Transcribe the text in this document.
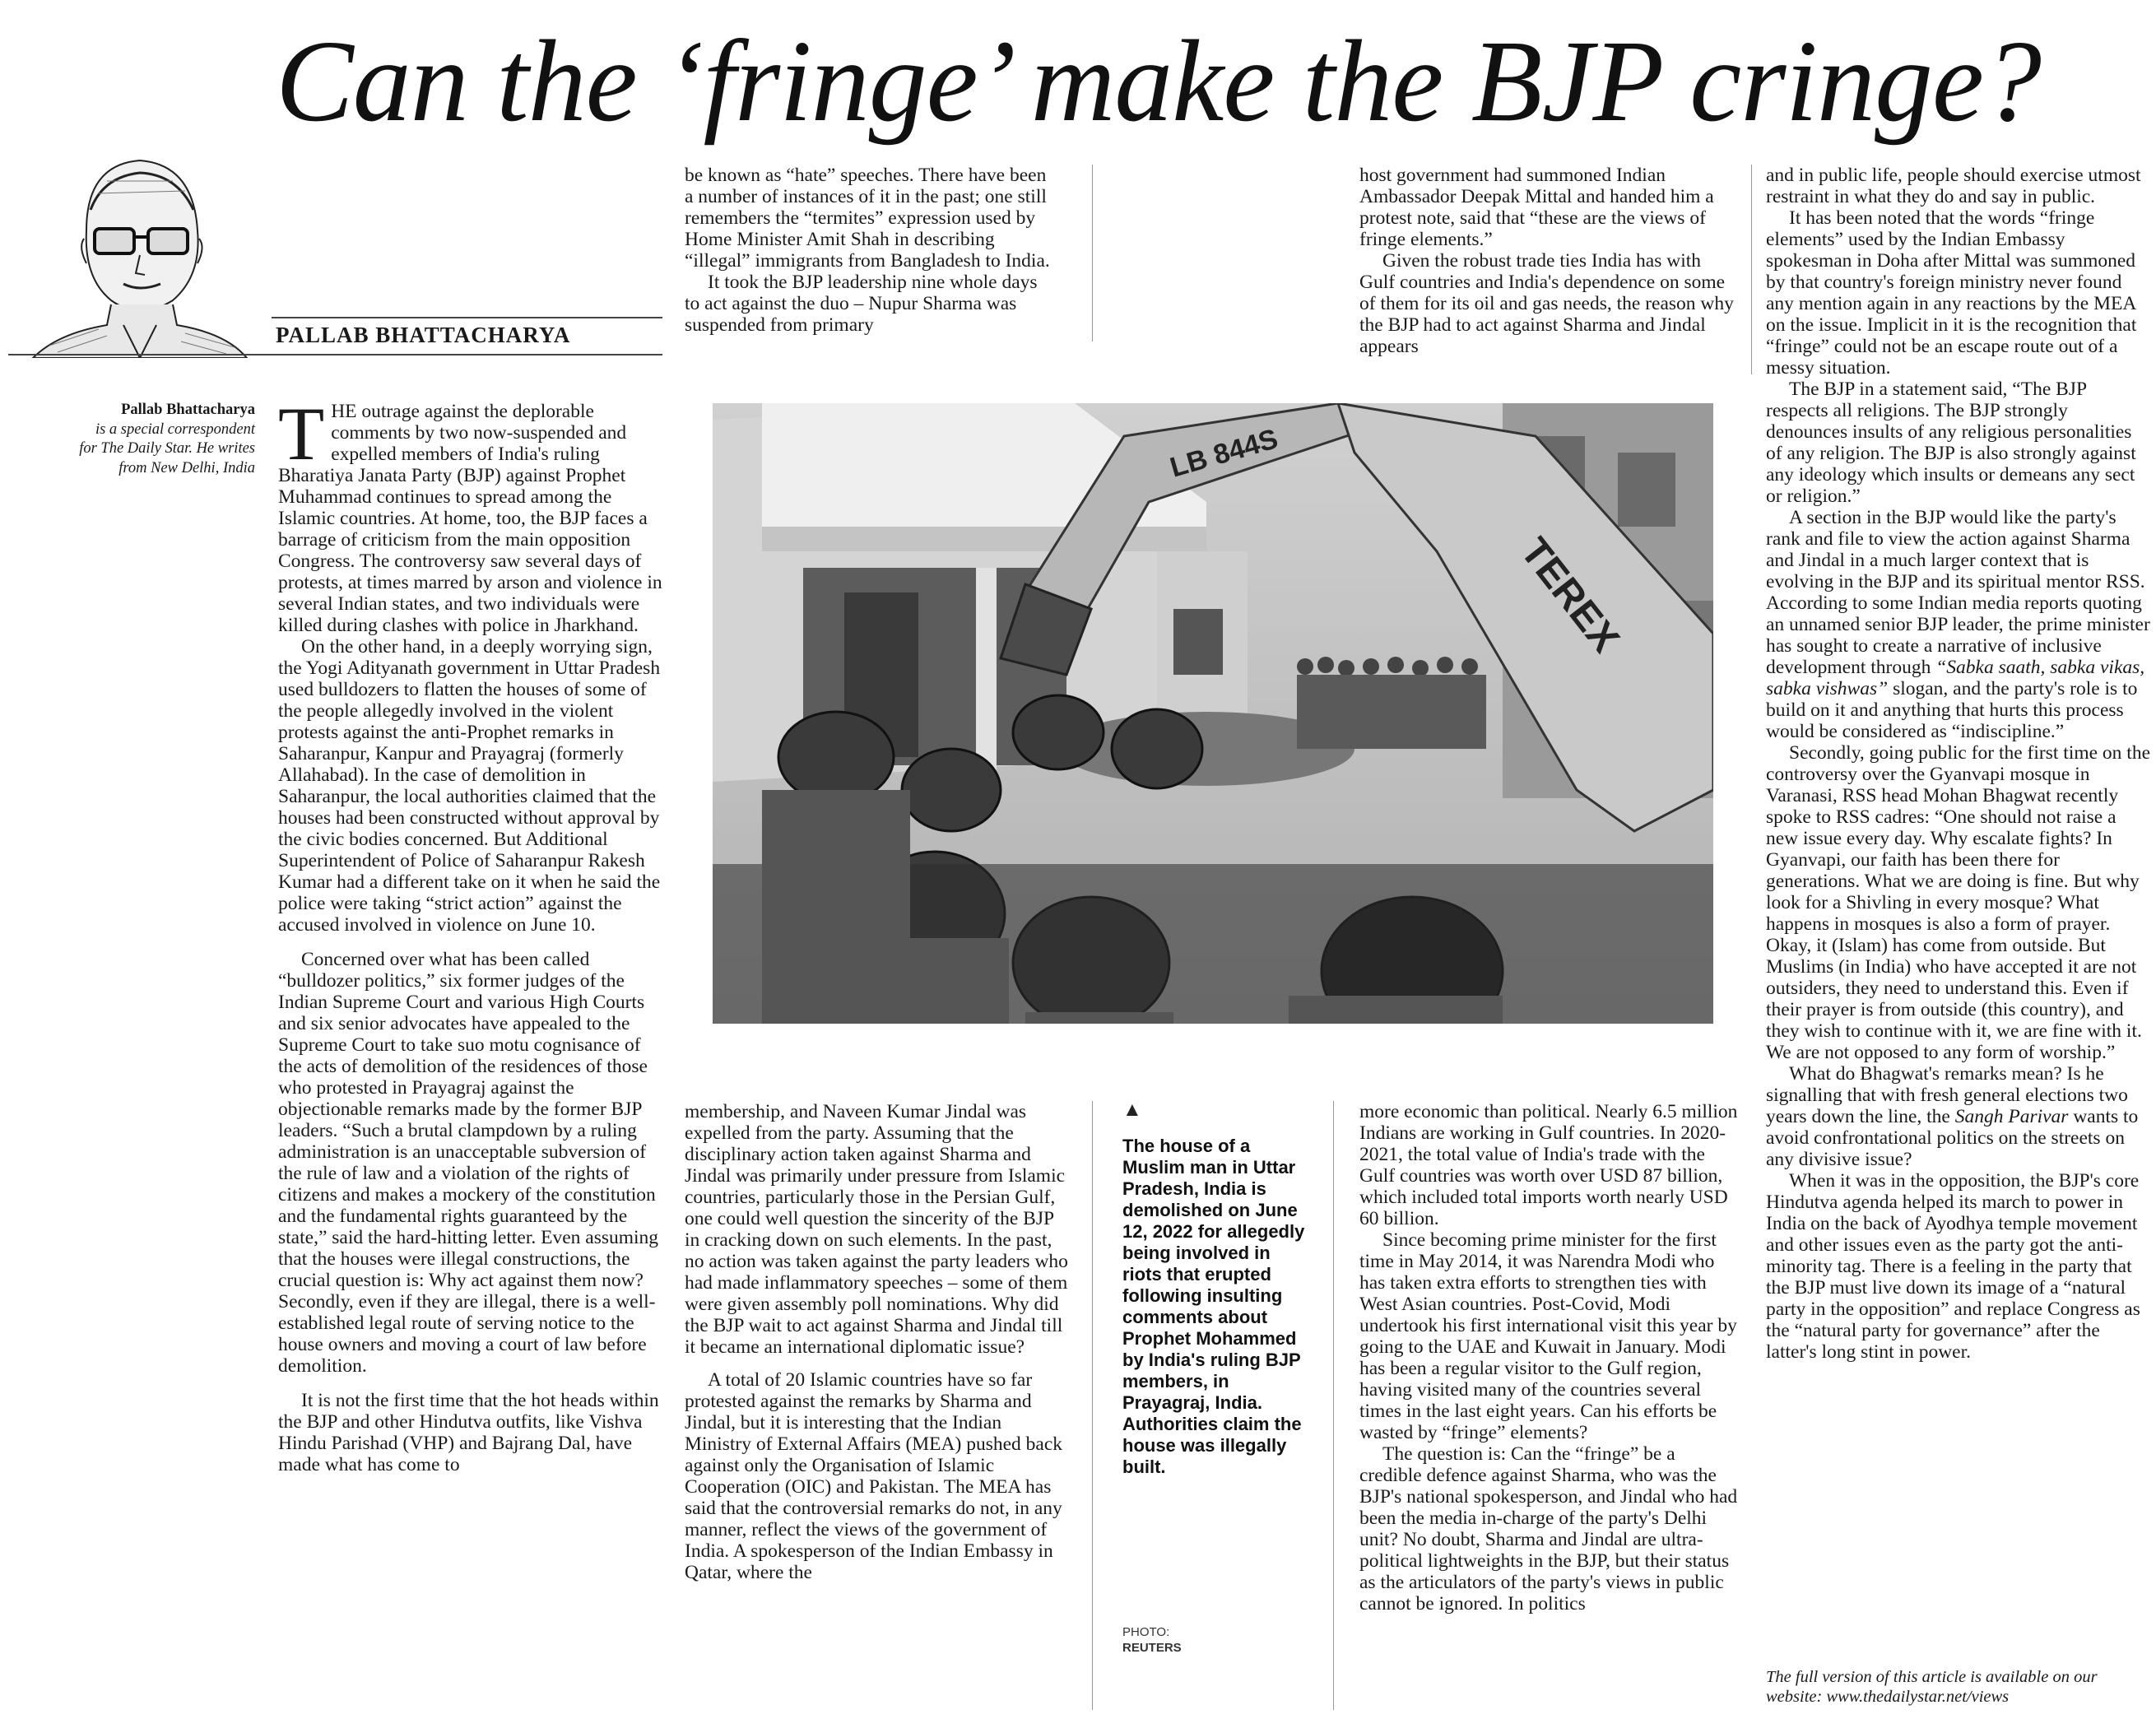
Can the ‘fringe’ make the BJP cringe?
PALLAB BHATTACHARYA
Pallab Bhattacharya
is a special correspondent for The Daily Star. He writes from New Delhi, India THE outrage against the deplorable comments by two now-suspended and expelled members of India's ruling Bharatiya Janata Party (BJP) against Prophet Muhammad continues to spread among the Islamic countries. At home, too, the BJP faces a barrage of criticism from the main opposition Congress. The controversy saw several days of protests, at times marred by arson and violence in several Indian states, and two individuals were killed during clashes with police in Jharkhand.

On the other hand, in a deeply worrying sign, the Yogi Adityanath government in Uttar Pradesh used bulldozers to flatten the houses of some of the people allegedly involved in the violent protests against the anti-Prophet remarks in Saharanpur, Kanpur and Prayagraj (formerly Allahabad). In the case of demolition in Saharanpur, the local authorities claimed that the houses had been constructed without approval by the civic bodies concerned. But Additional Superintendent of Police of Saharanpur Rakesh Kumar had a different take on it when he said the police were taking “strict action” against the accused involved in violence on June 10.

Concerned over what has been called “bulldozer politics,” six former judges of the Indian Supreme Court and various High Courts and six senior advocates have appealed to the Supreme Court to take suo motu cognisance of the acts of demolition of the residences of those who protested in Prayagraj against the objectionable remarks made by the former BJP leaders. “Such a brutal clampdown by a ruling administration is an unacceptable subversion of the rule of law and a violation of the rights of citizens and makes a mockery of the constitution and the fundamental rights guaranteed by the state,” said the hard-hitting letter. Even assuming that the houses were illegal constructions, the crucial question is: Why act against them now? Secondly, even if they are illegal, there is a well-established legal route of serving notice to the house owners and moving a court of law before demolition.

It is not the first time that the hot heads within the BJP and other Hindutva outfits, like Vishva Hindu Parishad (VHP) and Bajrang Dal, have made what has come to

be known as “hate” speeches. There have been a number of instances of it in the past; one still remembers the “termites” expression used by Home Minister Amit Shah in describing “illegal” immigrants from Bangladesh to India.

It took the BJP leadership nine whole days to act against the duo – Nupur Sharma was suspended from primary

membership, and Naveen Kumar Jindal was expelled from the party. Assuming that the disciplinary action taken against Sharma and Jindal was primarily under pressure from Islamic countries, particularly those in the Persian Gulf, one could well question the sincerity of the BJP in cracking down on such elements. In the past, no action was taken against the party leaders who had made inflammatory speeches – some of them were given assembly poll nominations. Why did the BJP wait to act against Sharma and Jindal till it became an international diplomatic issue?

A total of 20 Islamic countries have so far protested against the remarks by Sharma and Jindal, but it is interesting that the Indian Ministry of External Affairs (MEA) pushed back against only the Organisation of Islamic Cooperation (OIC) and Pakistan. The MEA has said that the controversial remarks do not, in any manner, reflect the views of the government of India. A spokesperson of the Indian Embassy in Qatar, where the

host government had summoned Indian Ambassador Deepak Mittal and handed him a protest note, said that “these are the views of fringe elements.”

Given the robust trade ties India has with Gulf countries and India's dependence on some of them for its oil and gas needs, the reason why the BJP had to act against Sharma and Jindal appears

more economic than political. Nearly 6.5 million Indians are working in Gulf countries. In 2020-2021, the total value of India's trade with the Gulf countries was worth over USD 87 billion, which included total imports worth nearly USD 60 billion.

Since becoming prime minister for the first time in May 2014, it was Narendra Modi who has taken extra efforts to strengthen ties with West Asian countries. Post-Covid, Modi undertook his first international visit this year by going to the UAE and Kuwait in January. Modi has been a regular visitor to the Gulf region, having visited many of the countries several times in the last eight years. Can his efforts be wasted by “fringe” elements?

The question is: Can the “fringe” be a credible defence against Sharma, who was the BJP's national spokesperson, and Jindal who had been the media in-charge of the party's Delhi unit? No doubt, Sharma and Jindal are ultra-political lightweights in the BJP, but their status as the articulators of the party's views in public cannot be ignored. In politics

and in public life, people should exercise utmost restraint in what they do and say in public.

It has been noted that the words “fringe elements” used by the Indian Embassy spokesman in Doha after Mittal was summoned by that country's foreign ministry never found any mention again in any reactions by the MEA on the issue. Implicit in it is the recognition that “fringe” could not be an escape route out of a messy situation.

The BJP in a statement said, “The BJP respects all religions. The BJP strongly denounces insults of any religious personalities of any religion. The BJP is also strongly against any ideology which insults or demeans any sect or religion.”

A section in the BJP would like the party's rank and file to view the action against Sharma and Jindal in a much larger context that is evolving in the BJP and its spiritual mentor RSS. According to some Indian media reports quoting an unnamed senior BJP leader, the prime minister has sought to create a narrative of inclusive development through “Sabka saath, sabka vikas, sabka vishwas” slogan, and the party's role is to build on it and anything that hurts this process would be considered as “indiscipline.”

Secondly, going public for the first time on the controversy over the Gyanvapi mosque in Varanasi, RSS head Mohan Bhagwat recently spoke to RSS cadres: “One should not raise a new issue every day. Why escalate fights? In Gyanvapi, our faith has been there for generations. What we are doing is fine. But why look for a Shivling in every mosque? What happens in mosques is also a form of prayer. Okay, it (Islam) has come from outside. But Muslims (in India) who have accepted it are not outsiders, they need to understand this. Even if their prayer is from outside (this country), and they wish to continue with it, we are fine with it. We are not opposed to any form of worship.”

What do Bhagwat's remarks mean? Is he signalling that with fresh general elections two years down the line, the Sangh Parivar wants to avoid confrontational politics on the streets on any divisive issue?

When it was in the opposition, the BJP's core Hindutva agenda helped its march to power in India on the back of Ayodhya temple movement and other issues even as the party got the anti-minority tag. There is a feeling in the party that the BJP must live down its image of a “natural party in the opposition” and replace Congress as the “natural party for governance” after the latter's long stint in power.

The full version of this article is available on our website: www.thedailystar.net/views
LB 844S
TEREX
▲
The house of a Muslim man in Uttar Pradesh, India is demolished on June 12, 2022 for allegedly being involved in riots that erupted following insulting comments about Prophet Mohammed by India's ruling BJP members, in Prayagraj, India. Authorities claim the house was illegally built.
PHOTO:
REUTERS
